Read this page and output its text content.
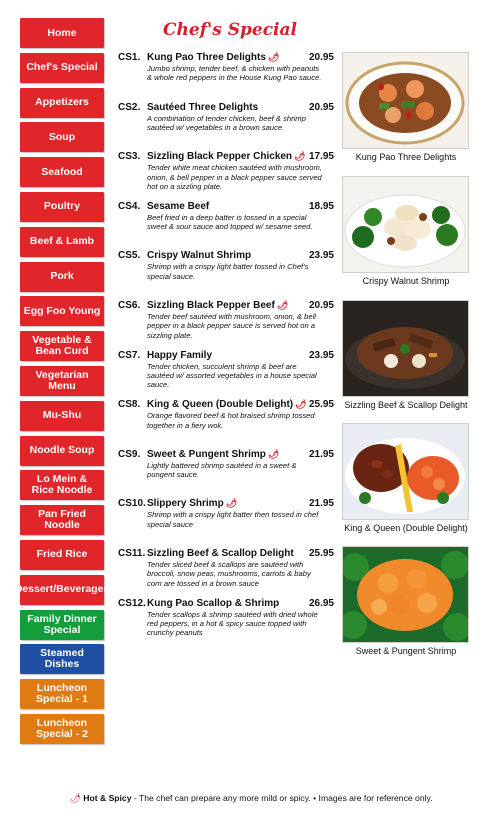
Home
Chef's Special
Appetizers
Soup
Seafood
Poultry
Beef & Lamb
Pork
Egg Foo Young
Vegetable &
Bean Curd
Vegetarian Menu
Mu-Shu
Noodle Soup
Lo Mein &
Rice Noodle
Pan Fried Noodle
Fried Rice
Dessert/Beverages
Family Dinner
Special
Steamed Dishes
Luncheon
Special - 1
Luncheon
Special - 2
Chef's Special
CS1. Kung Pao Three Delights 🌶︎	20.95
Jumbo shrimp, tender beef, & chicken with peanuts & whole red peppers in the House Kung Pao sauce.
CS2. Sautéed Three Delights	20.95
A combination of tender chicken, beef & shrimp sautéed w/ vegetables in a brown sauce.
CS3. Sizzling Black Pepper Chicken 🌶︎ 17.95
Tender white meat chicken sautéed with mushroom, onion, & bell pepper in a black pepper sauce served hot on a sizzling plate.
CS4. Sesame Beef	18.95
Beef fried in a deep batter is tossed in a special sweet & sour sauce and topped w/ sesame seed.
CS5. Crispy Walnut Shrimp	23.95
Shrimp with a crispy light batter tossed in Chef's special sauce.
CS6. Sizzling Black Pepper Beef 🌶︎ 20.95
Tender beef sautéed with mushroom, onion, & bell pepper in a black pepper sauce is served hot on a sizzling plate.
CS7. Happy Family	23.95
Tender chicken, succulent shrimp & beef are sautéed w/ assorted vegetables in a house special sauce.
CS8. King & Queen (Double Delight) 🌶︎ 25.95
Orange flavored beef & hot braised shrimp tossed together in a fiery wok.
CS9. Sweet & Pungent Shrimp 🌶︎	21.95
Lightly battered shrimp sautéed in a sweet & pungent sauce.
CS10. Slippery Shrimp 🌶︎	21.95
Shrimp with a crispy light batter then tossed in chef special sauce
CS11. Sizzling Beef & Scallop Delight 25.95
Tender sliced beef & scallops are sautéed with broccoli, snow peas, mushrooms, carrots & baby corn are tossed in a brown sauce
CS12. Kung Pao Scallop & Shrimp	26.95
Tender scallops & shrimp sautéed with dried whole red peppers, in a hot & spicy sauce topped with crunchy peanuts
Kung Pao Three Delights
Crispy Walnut Shrimp
Sizzling Beef & Scallop Delight
King & Queen (Double Delight)
Sweet & Pungent Shrimp
🌶︎ Hot & Spicy - The chef can prepare any more mild or spicy. • Images are for reference only.
